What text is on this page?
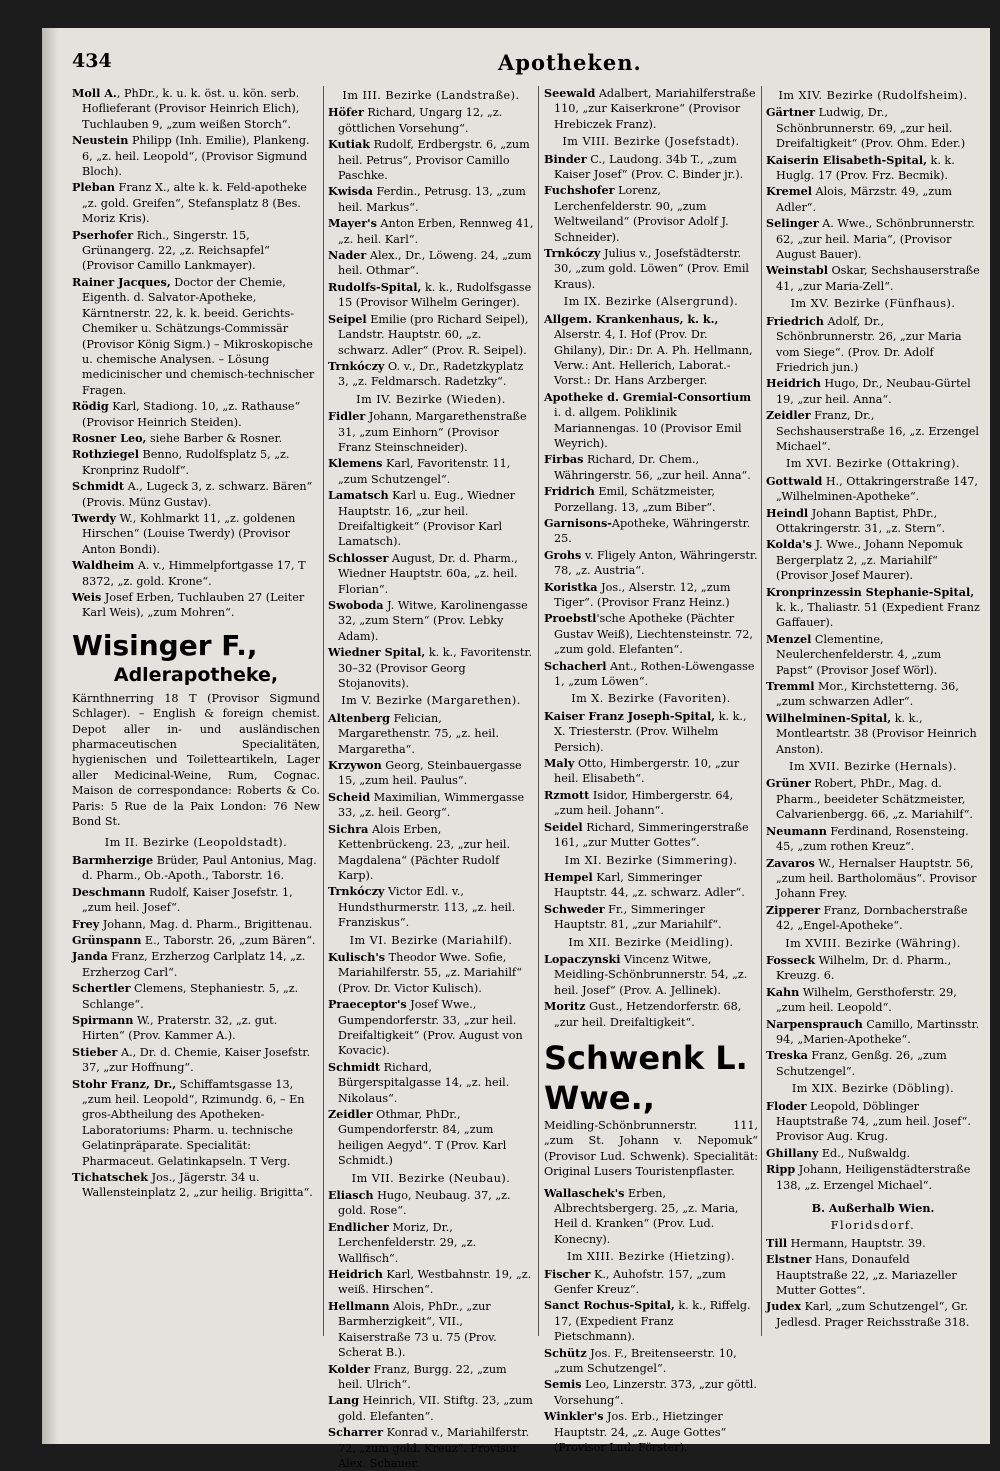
434	Apotheken.
Moll A., PhDr., k. u. k. öst. u. kön. serb. Hoflieferant (Provisor Heinrich Elich), Tuchlauben 9, „zum weißen Storch“.
Neustein Philipp (Inh. Emilie), Plankeng. 6, „z. heil. Leopold“, (Provisor Sigmund Bloch).
Pleban Franz X., alte k. k. Feld-apotheke „z. gold. Greifen“, Stefansplatz 8 (Bes. Moriz Kris).
Pserhofer Rich., Singerstr. 15, Grünangerg. 22, „z. Reichsapfel“ (Provisor Camillo Lankmayer).
Rainer Jacques, Doctor der Chemie, Eigenth. d. Salvator-Apotheke, Kärntnerstr. 22, k. k. beeid. Gerichts-Chemiker u. Schätzungs-Commissär (Provisor König Sigm.) – Mikroskopische u. chemische Analysen. – Lösung medicinischer und chemisch-technischer Fragen.
Rödig Karl, Stadiong. 10, „z. Rathause“ (Provisor Heinrich Steiden).
Rosner Leo, siehe Barber & Rosner.
Rothziegel Benno, Rudolfsplatz 5, „z. Kronprinz Rudolf“.
Schmidt A., Lugeck 3, z. schwarz. Bären“ (Provis. Münz Gustav).
Twerdy W., Kohlmarkt 11, „z. goldenen Hirschen“ (Louise Twerdy) (Provisor Anton Bondi).
Waldheim A. v., Himmelpfortgasse 17, T 8372, „z. gold. Krone“.
Weis Josef Erben, Tuchlauben 27 (Leiter Karl Weis), „zum Mohren“.
Wisinger F.,
Adlerapotheke,
Kärnthnerring 18 T (Provisor Sigmund Schlager). – English & foreign chemist. Depot aller in- und ausländischen pharmaceutischen Specialitäten, hygienischen und Toiletteartikeln, Lager aller Medicinal-Weine, Rum, Cognac. Maison de correspondance: Roberts & Co. Paris: 5 Rue de la Paix London: 76 New Bond St.
Im II. Bezirke (Leopoldstadt).
Barmherzige Brüder, Paul Antonius, Mag. d. Pharm., Ob.-Apoth., Taborstr. 16.
Deschmann Rudolf, Kaiser Josefstr. 1, „zum heil. Josef“.
Frey Johann, Mag. d. Pharm., Brigittenau.
Grünspann E., Taborstr. 26, „zum Bären“.
Janda Franz, Erzherzog Carlplatz 14, „z. Erzherzog Carl“.
Schertler Clemens, Stephaniestr. 5, „z. Schlange“.
Spirmann W., Praterstr. 32, „z. gut. Hirten“ (Prov. Kammer A.).
Stieber A., Dr. d. Chemie, Kaiser Josefstr. 37, „zur Hoffnung“.
Stohr Franz, Dr., Schiffamtsgasse 13, „zum heil. Leopold“, Rzimundg. 6, – En gros-Abtheilung des Apotheken-Laboratoriums: Pharm. u. technische Gelatinpräparate. Specialität: Pharmaceut. Gelatinkapseln. T Verg.
Tichatschek Jos., Jägerstr. 34 u. Wallensteinplatz 2, „zur heilig. Brigitta“.
Im III. Bezirke (Landstraße).
Höfer Richard, Ungarg 12, „z. göttlichen Vorsehung“.
Kutiak Rudolf, Erdbergstr. 6, „zum heil. Petrus“, Provisor Camillo Paschke.
Kwisda Ferdin., Petrusg. 13, „zum heil. Markus“.
Mayer's Anton Erben, Rennweg 41, „z. heil. Karl“.
Nader Alex., Dr., Löweng. 24, „zum heil. Othmar“.
Rudolfs-Spital, k. k., Rudolfsgasse 15 (Provisor Wilhelm Geringer).
Seipel Emilie (pro Richard Seipel), Landstr. Hauptstr. 60, „z. schwarz. Adler“ (Prov. R. Seipel).
Trnkóczy O. v., Dr., Radetzkyplatz 3, „z. Feldmarsch. Radetzky“.
Im IV. Bezirke (Wieden).
Fidler Johann, Margarethenstraße 31, „zum Einhorn“ (Provisor Franz Steinschneider).
Klemens Karl, Favoritenstr. 11, „zum Schutzengel“.
Lamatsch Karl u. Eug., Wiedner Hauptstr. 16, „zur heil. Dreifaltigkeit“ (Provisor Karl Lamatsch).
Schlosser August, Dr. d. Pharm., Wiedner Hauptstr. 60a, „z. heil. Florian“.
Swoboda J. Witwe, Karolinengasse 32, „zum Stern“ (Prov. Lebky Adam).
Wiedner Spital, k. k., Favoritenstr. 30–32 (Provisor Georg Stojanovits).
Im V. Bezirke (Margarethen).
Altenberg Felician, Margarethenstr. 75, „z. heil. Margaretha“.
Krzywon Georg, Steinbauergasse 15, „zum heil. Paulus“.
Scheid Maximilian, Wimmergasse 33, „z. heil. Georg“.
Sichra Alois Erben, Kettenbrückeng. 23, „zur heil. Magdalena“ (Pächter Rudolf Karp).
Trnkóczy Victor Edl. v., Hundsthurmerstr. 113, „z. heil. Franziskus“.
Im VI. Bezirke (Mariahilf).
Kulisch's Theodor Wwe. Sofie, Mariahilferstr. 55, „z. Mariahilf“ (Prov. Dr. Victor Kulisch).
Praeceptor's Josef Wwe., Gumpendorferstr. 33, „zur heil. Dreifaltigkeit“ (Prov. August von Kovacic).
Schmidt Richard, Bürgerspitalgasse 14, „z. heil. Nikolaus“.
Zeidler Othmar, PhDr., Gumpendorferstr. 84, „zum heiligen Aegyd“. T (Prov. Karl Schmidt.)
Im VII. Bezirke (Neubau).
Eliasch Hugo, Neubaug. 37, „z. gold. Rose“.
Endlicher Moriz, Dr., Lerchenfelderstr. 29, „z. Wallfisch“.
Heidrich Karl, Westbahnstr. 19, „z. weiß. Hirschen“.
Hellmann Alois, PhDr., „zur Barmherzigkeit“, VII., Kaiserstraße 73 u. 75 (Prov. Scherat B.).
Kolder Franz, Burgg. 22, „zum heil. Ulrich“.
Lang Heinrich, VII. Stiftg. 23, „zum gold. Elefanten“.
Scharrer Konrad v., Mariahilferstr. 72, „zum gold. Kreuz“. Provisor Alex. Schauer.
Seewald Adalbert, Mariahilferstraße 110, „zur Kaiserkrone“ (Provisor Hrebiczek Franz).
Im VIII. Bezirke (Josefstadt).
Binder C., Laudong. 34b T., „zum Kaiser Josef“ (Prov. C. Binder jr.).
Fuchshofer Lorenz, Lerchenfelderstr. 90, „zum Weltweiland“ (Provisor Adolf J. Schneider).
Trnkóczy Julius v., Josefstädterstr. 30, „zum gold. Löwen“ (Prov. Emil Kraus).
Im IX. Bezirke (Alsergrund).
Allgem. Krankenhaus, k. k., Alserstr. 4, I. Hof (Prov. Dr. Ghilany), Dir.: Dr. A. Ph. Hellmann, Verw.: Ant. Hellerich, Laborat.-Vorst.: Dr. Hans Arzberger.
Apotheke d. Gremial-Consortium i. d. allgem. Poliklinik Mariannengas. 10 (Provisor Emil Weyrich).
Firbas Richard, Dr. Chem., Währingerstr. 56, „zur heil. Anna“.
Fridrich Emil, Schätzmeister, Porzellang. 13, „zum Biber“.
Garnisons-Apotheke, Währingerstr. 25.
Grohs v. Fligely Anton, Währingerstr. 78, „z. Austria“.
Koristka Jos., Alserstr. 12, „zum Tiger“. (Provisor Franz Heinz.)
Proebstl'sche Apotheke (Pächter Gustav Weiß), Liechtensteinstr. 72, „zum gold. Elefanten“.
Schacherl Ant., Rothen-Löwengasse 1, „zum Löwen“.
Im X. Bezirke (Favoriten).
Kaiser Franz Joseph-Spital, k. k., X. Triesterstr. (Prov. Wilhelm Persich).
Maly Otto, Himbergerstr. 10, „zur heil. Elisabeth“.
Rzmott Isidor, Himbergerstr. 64, „zum heil. Johann“.
Seidel Richard, Simmeringerstraße 161, „zur Mutter Gottes“.
Im XI. Bezirke (Simmering).
Hempel Karl, Simmeringer Hauptstr. 44, „z. schwarz. Adler“.
Schweder Fr., Simmeringer Hauptstr. 81, „zur Mariahilf“.
Im XII. Bezirke (Meidling).
Lopaczynski Vincenz Witwe, Meidling-Schönbrunnerstr. 54, „z. heil. Josef“ (Prov. A. Jellinek).
Moritz Gust., Hetzendorferstr. 68, „zur heil. Dreifaltigkeit“.
Schwenk L. Wwe.,
Meidling-Schönbrunnerstr. 111, „zum St. Johann v. Nepomuk“ (Provisor Lud. Schwenk). Specialität: Original Lusers Touristenpflaster.
Wallaschek's Erben, Albrechtsbergerg. 25, „z. Maria, Heil d. Kranken“ (Prov. Lud. Konecny).
Im XIII. Bezirke (Hietzing).
Fischer K., Auhofstr. 157, „zum Genfer Kreuz“.
Sanct Rochus-Spital, k. k., Riffelg. 17, (Expedient Franz Pietschmann).
Schütz Jos. F., Breitenseerstr. 10, „zum Schutzengel“.
Semis Leo, Linzerstr. 373, „zur göttl. Vorsehung“.
Winkler's Jos. Erb., Hietzinger Hauptstr. 24, „z. Auge Gottes“ (Provisor Lud. Förster).
Im XIV. Bezirke (Rudolfsheim).
Gärtner Ludwig, Dr., Schönbrunnerstr. 69, „zur heil. Dreifaltigkeit“ (Prov. Ohm. Eder.)
Kaiserin Elisabeth-Spital, k. k. Huglg. 17 (Prov. Frz. Becmik).
Kremel Alois, Märzstr. 49, „zum Adler“.
Selinger A. Wwe., Schönbrunnerstr. 62, „zur heil. Maria“, (Provisor August Bauer).
Weinstabl Oskar, Sechshauserstraße 41, „zur Maria-Zell“.
Im XV. Bezirke (Fünfhaus).
Friedrich Adolf, Dr., Schönbrunnerstr. 26, „zur Maria vom Siege“. (Prov. Dr. Adolf Friedrich jun.)
Heidrich Hugo, Dr., Neubau-Gürtel 19, „zur heil. Anna“.
Zeidler Franz, Dr., Sechshauserstraße 16, „z. Erzengel Michael“.
Im XVI. Bezirke (Ottakring).
Gottwald H., Ottakringerstraße 147, „Wilhelminen-Apotheke“.
Heindl Johann Baptist, PhDr., Ottakringerstr. 31, „z. Stern“.
Kolda's J. Wwe., Johann Nepomuk Bergerplatz 2, „z. Mariahilf“ (Provisor Josef Maurer).
Kronprinzessin Stephanie-Spital, k. k., Thaliastr. 51 (Expedient Franz Gaffauer).
Menzel Clementine, Neulerchenfelderstr. 4, „zum Papst“ (Provisor Josef Wörl).
Tremml Mor., Kirchstetterng. 36, „zum schwarzen Adler“.
Wilhelminen-Spital, k. k., Montleartstr. 38 (Provisor Heinrich Anston).
Im XVII. Bezirke (Hernals).
Grüner Robert, PhDr., Mag. d. Pharm., beeideter Schätzmeister, Calvarienbergg. 66, „z. Mariahilf“.
Neumann Ferdinand, Rosensteing. 45, „zum rothen Kreuz“.
Zavaros W., Hernalser Hauptstr. 56, „zum heil. Bartholomäus“. Provisor Johann Frey.
Zipperer Franz, Dornbacherstraße 42, „Engel-Apotheke“.
Im XVIII. Bezirke (Währing).
Fosseck Wilhelm, Dr. d. Pharm., Kreuzg. 6.
Kahn Wilhelm, Gersthoferstr. 29, „zum heil. Leopold“.
Narpensprauch Camillo, Martinsstr. 94, „Marien-Apotheke“.
Treska Franz, Genßg. 26, „zum Schutzengel“.
Im XIX. Bezirke (Döbling).
Floder Leopold, Döblinger Hauptstraße 74, „zum heil. Josef“. Provisor Aug. Krug.
Ghillany Ed., Nußwaldg.
Ripp Johann, Heiligenstädterstraße 138, „z. Erzengel Michael“.
B. Außerhalb Wien.
Floridsdorf.
Till Hermann, Hauptstr. 39.
Elstner Hans, Donaufeld Hauptstraße 22, „z. Mariazeller Mutter Gottes“.
Judex Karl, „zum Schutzengel“, Gr. Jedlesd. Prager Reichsstraße 318.
